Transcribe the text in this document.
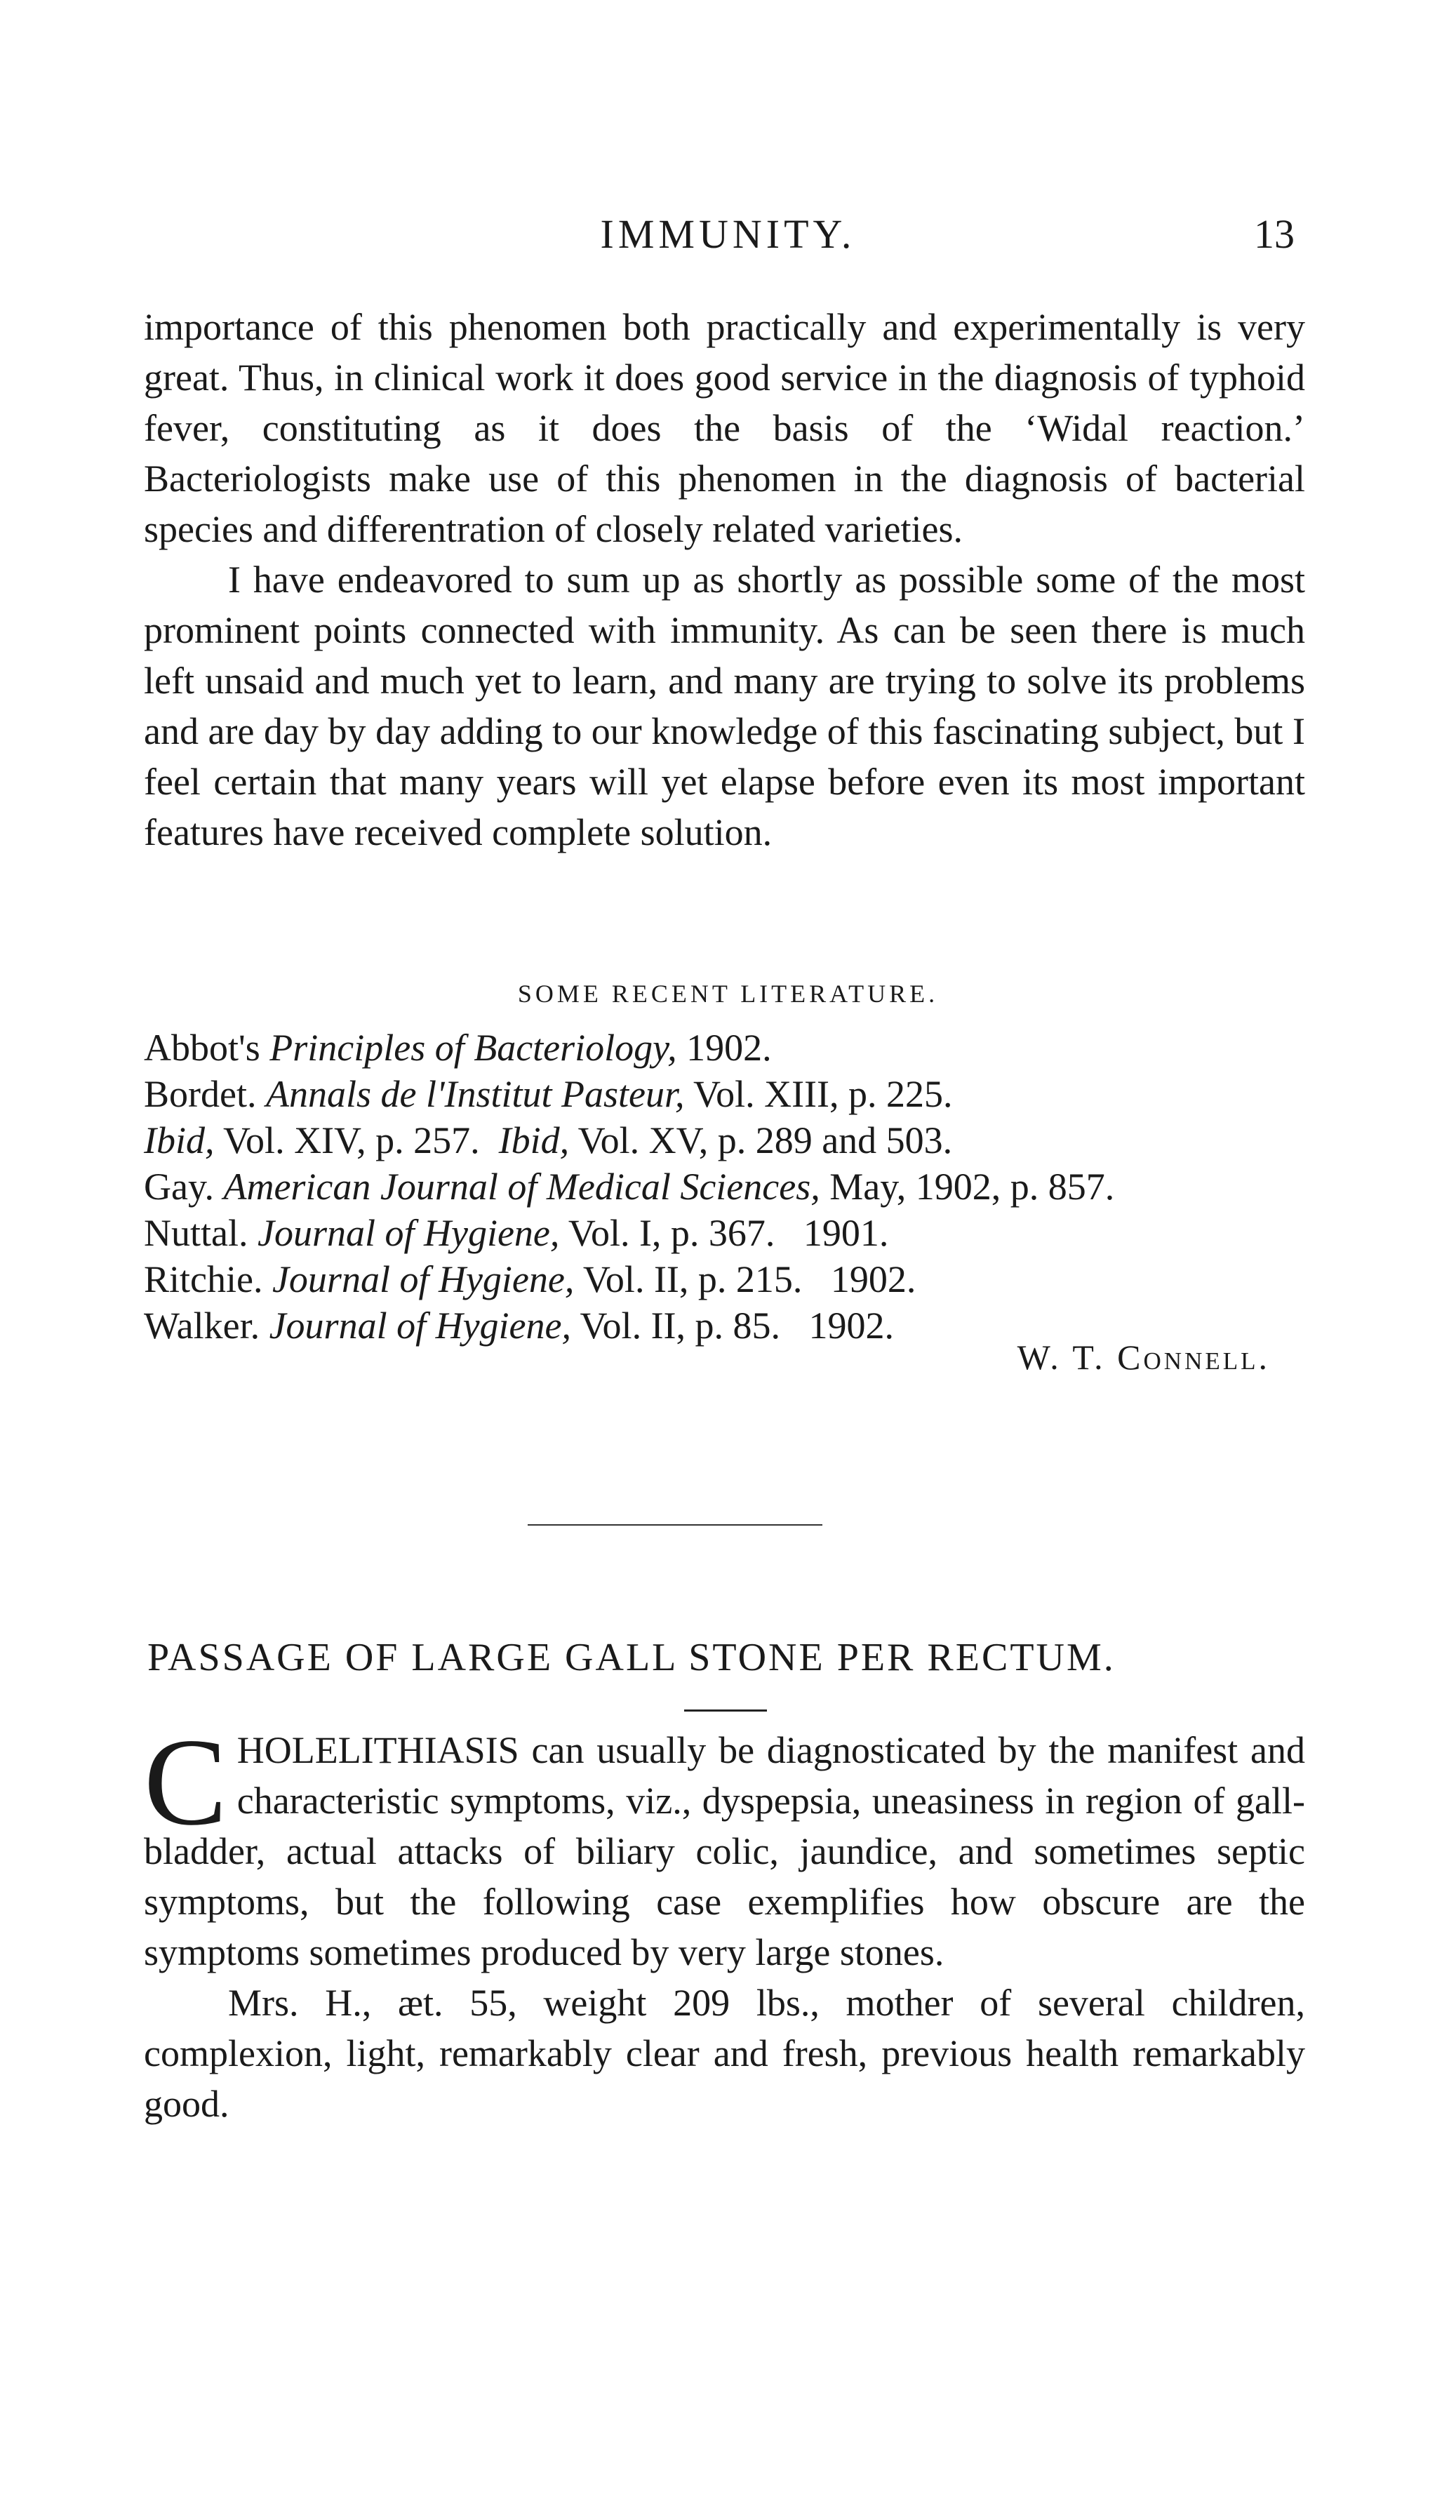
IMMUNITY.	13

importance of this phenomen both practically and experimentally is very great. Thus, in clinical work it does good service in the diagnosis of typhoid fever, constituting as it does the basis of the ‘Widal reaction.’ Bacteriologists make use of this phenomen in the diagnosis of bacterial species and differentration of closely related varieties.

I have endeavored to sum up as shortly as possible some of the most prominent points connected with immunity. As can be seen there is much left unsaid and much yet to learn, and many are trying to solve its problems and are day by day adding to our knowledge of this fascinating subject, but I feel certain that many years will yet elapse before even its most important features have received complete solution.

SOME RECENT LITERATURE.
Abbot's Principles of Bacteriology, 1902.
Bordet. Annals de l'Institut Pasteur, Vol. XIII, p. 225.
Ibid, Vol. XIV, p. 257. Ibid, Vol. XV, p. 289 and 503.
Gay. American Journal of Medical Sciences, May, 1902, p. 857.
Nuttal. Journal of Hygiene, Vol. I, p. 367.   1901.
Ritchie. Journal of Hygiene, Vol. II, p. 215.   1902.
Walker. Journal of Hygiene, Vol. II, p. 85.   1902.
W. T. Connell.
PASSAGE OF LARGE GALL STONE PER RECTUM.

CHOLELITHIASIS can usually be diagnosticated by the manifest and characteristic symptoms, viz., dyspepsia, uneasiness in region of gall-bladder, actual attacks of biliary colic, jaundice, and sometimes septic symptoms, but the following case exemplifies how obscure are the symptoms sometimes produced by very large stones.

Mrs. H., æt. 55, weight 209 lbs., mother of several children, complexion, light, remarkably clear and fresh, previous health remarkably good.
